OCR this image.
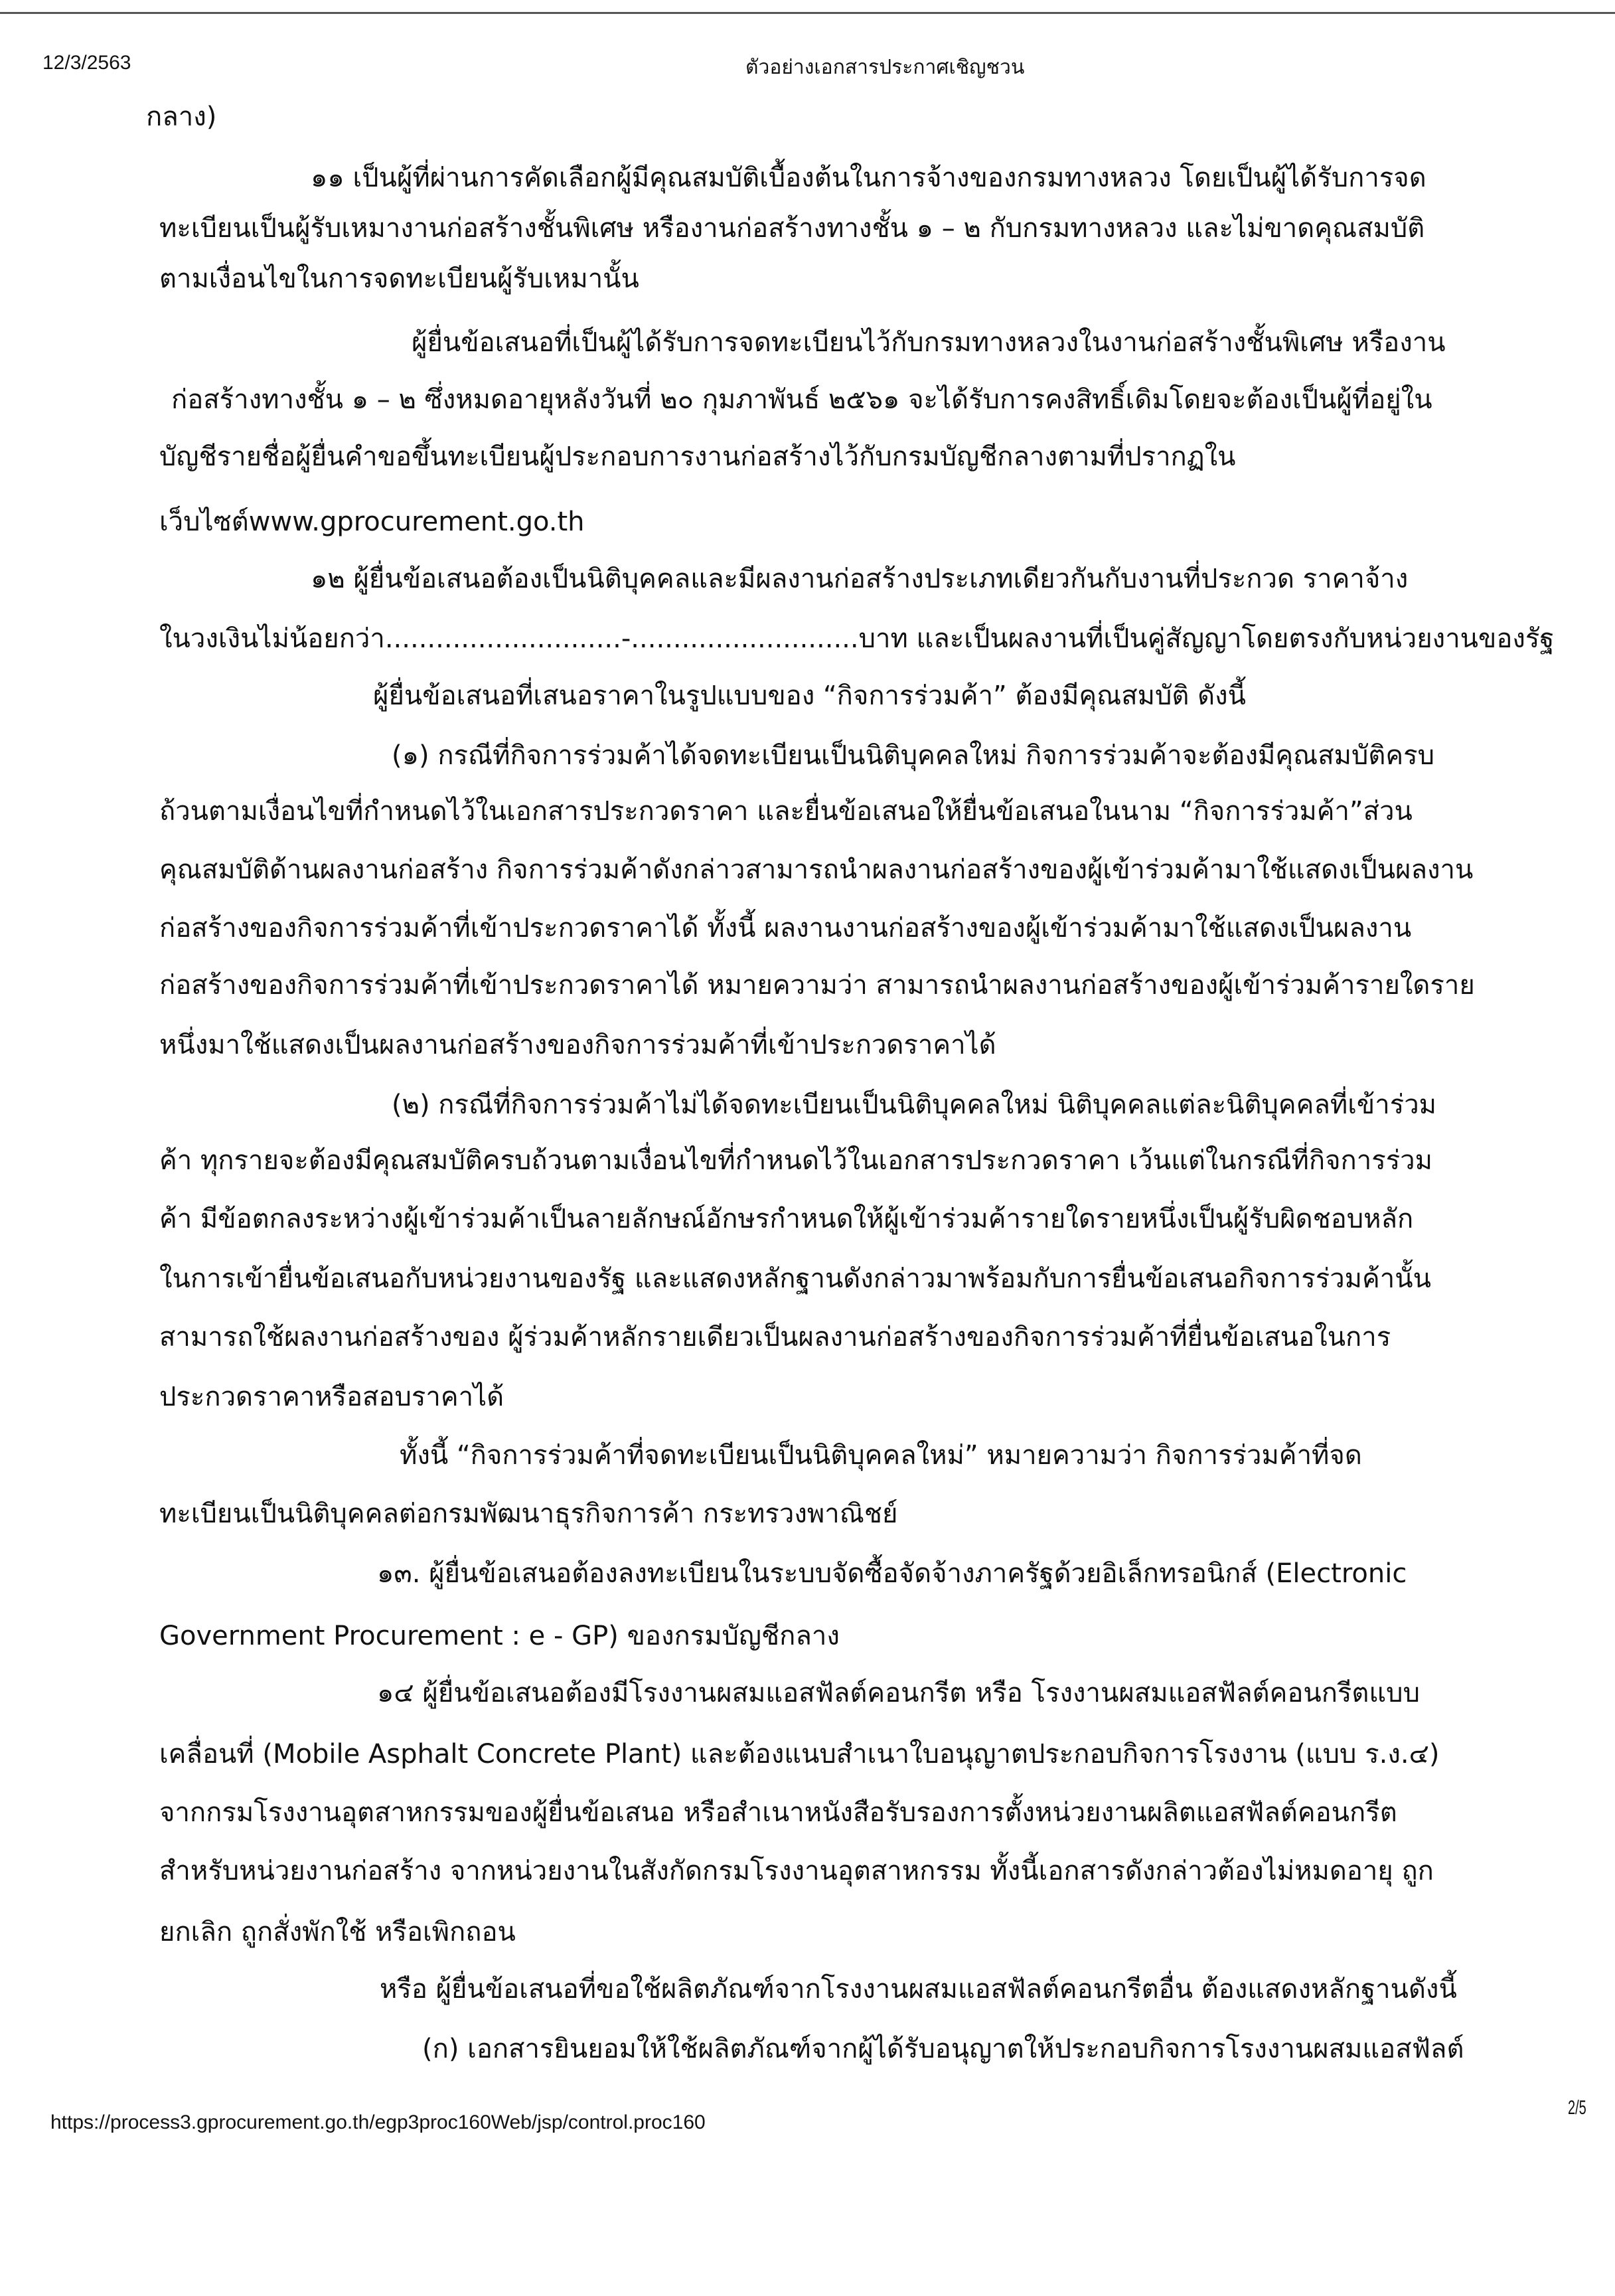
12/3/2563	ตัวอย่างเอกสารประกาศเชิญชวน
กลาง)
๑๑ เป็นผู้ที่ผ่านการคัดเลือกผู้มีคุณสมบัติเบื้องต้นในการจ้างของกรมทางหลวง โดยเป็นผู้ได้รับการจด
ทะเบียนเป็นผู้รับเหมางานก่อสร้างชั้นพิเศษ หรืองานก่อสร้างทางชั้น ๑ – ๒ กับกรมทางหลวง และไม่ขาดคุณสมบัติ
ตามเงื่อนไขในการจดทะเบียนผู้รับเหมานั้น
ผู้ยื่นข้อเสนอที่เป็นผู้ได้รับการจดทะเบียนไว้กับกรมทางหลวงในงานก่อสร้างชั้นพิเศษ หรืองาน
ก่อสร้างทางชั้น ๑ – ๒ ซึ่งหมดอายุหลังวันที่ ๒๐ กุมภาพันธ์ ๒๕๖๑ จะได้รับการคงสิทธิ์เดิมโดยจะต้องเป็นผู้ที่อยู่ใน
บัญชีรายชื่อผู้ยื่นคำขอขึ้นทะเบียนผู้ประกอบการงานก่อสร้างไว้กับกรมบัญชีกลางตามที่ปรากฏใน
เว็บไซต์www.gprocurement.go.th
๑๒ ผู้ยื่นข้อเสนอต้องเป็นนิติบุคคลและมีผลงานก่อสร้างประเภทเดียวกันกับงานที่ประกวด ราคาจ้าง
ในวงเงินไม่น้อยกว่า............................-...........................บาท และเป็นผลงานที่เป็นคู่สัญญาโดยตรงกับหน่วยงานของรัฐ
ผู้ยื่นข้อเสนอที่เสนอราคาในรูปแบบของ “กิจการร่วมค้า” ต้องมีคุณสมบัติ ดังนี้
(๑) กรณีที่กิจการร่วมค้าได้จดทะเบียนเป็นนิติบุคคลใหม่ กิจการร่วมค้าจะต้องมีคุณสมบัติครบ
ถ้วนตามเงื่อนไขที่กำหนดไว้ในเอกสารประกวดราคา และยื่นข้อเสนอให้ยื่นข้อเสนอในนาม “กิจการร่วมค้า”ส่วน
คุณสมบัติด้านผลงานก่อสร้าง กิจการร่วมค้าดังกล่าวสามารถนำผลงานก่อสร้างของผู้เข้าร่วมค้ามาใช้แสดงเป็นผลงาน
ก่อสร้างของกิจการร่วมค้าที่เข้าประกวดราคาได้ ทั้งนี้ ผลงานงานก่อสร้างของผู้เข้าร่วมค้ามาใช้แสดงเป็นผลงาน
ก่อสร้างของกิจการร่วมค้าที่เข้าประกวดราคาได้ หมายความว่า สามารถนำผลงานก่อสร้างของผู้เข้าร่วมค้ารายใดราย
หนึ่งมาใช้แสดงเป็นผลงานก่อสร้างของกิจการร่วมค้าที่เข้าประกวดราคาได้
(๒) กรณีที่กิจการร่วมค้าไม่ได้จดทะเบียนเป็นนิติบุคคลใหม่ นิติบุคคลแต่ละนิติบุคคลที่เข้าร่วม
ค้า ทุกรายจะต้องมีคุณสมบัติครบถ้วนตามเงื่อนไขที่กำหนดไว้ในเอกสารประกวดราคา เว้นแต่ในกรณีที่กิจการร่วม
ค้า มีข้อตกลงระหว่างผู้เข้าร่วมค้าเป็นลายลักษณ์อักษรกำหนดให้ผู้เข้าร่วมค้ารายใดรายหนึ่งเป็นผู้รับผิดชอบหลัก
ในการเข้ายื่นข้อเสนอกับหน่วยงานของรัฐ และแสดงหลักฐานดังกล่าวมาพร้อมกับการยื่นข้อเสนอกิจการร่วมค้านั้น
สามารถใช้ผลงานก่อสร้างของ ผู้ร่วมค้าหลักรายเดียวเป็นผลงานก่อสร้างของกิจการร่วมค้าที่ยื่นข้อเสนอในการ
ประกวดราคาหรือสอบราคาได้
ทั้งนี้ “กิจการร่วมค้าที่จดทะเบียนเป็นนิติบุคคลใหม่” หมายความว่า กิจการร่วมค้าที่จด
ทะเบียนเป็นนิติบุคคลต่อกรมพัฒนาธุรกิจการค้า กระทรวงพาณิชย์
๑๓. ผู้ยื่นข้อเสนอต้องลงทะเบียนในระบบจัดซื้อจัดจ้างภาครัฐด้วยอิเล็กทรอนิกส์ (Electronic
Government Procurement : e - GP) ของกรมบัญชีกลาง
๑๔ ผู้ยื่นข้อเสนอต้องมีโรงงานผสมแอสฟัลต์คอนกรีต หรือ โรงงานผสมแอสฟัลต์คอนกรีตแบบ
เคลื่อนที่ (Mobile Asphalt Concrete Plant) และต้องแนบสำเนาใบอนุญาตประกอบกิจการโรงงาน (แบบ ร.ง.๔)
จากกรมโรงงานอุตสาหกรรมของผู้ยื่นข้อเสนอ หรือสำเนาหนังสือรับรองการตั้งหน่วยงานผลิตแอสฟัลต์คอนกรีต
สำหรับหน่วยงานก่อสร้าง จากหน่วยงานในสังกัดกรมโรงงานอุตสาหกรรม ทั้งนี้เอกสารดังกล่าวต้องไม่หมดอายุ ถูก
ยกเลิก ถูกสั่งพักใช้ หรือเพิกถอน
หรือ ผู้ยื่นข้อเสนอที่ขอใช้ผลิตภัณฑ์จากโรงงานผสมแอสฟัลต์คอนกรีตอื่น ต้องแสดงหลักฐานดังนี้
(ก) เอกสารยินยอมให้ใช้ผลิตภัณฑ์จากผู้ได้รับอนุญาตให้ประกอบกิจการโรงงานผสมแอสฟัลต์
https://process3.gprocurement.go.th/egp3proc160Web/jsp/control.proc160
2/5
